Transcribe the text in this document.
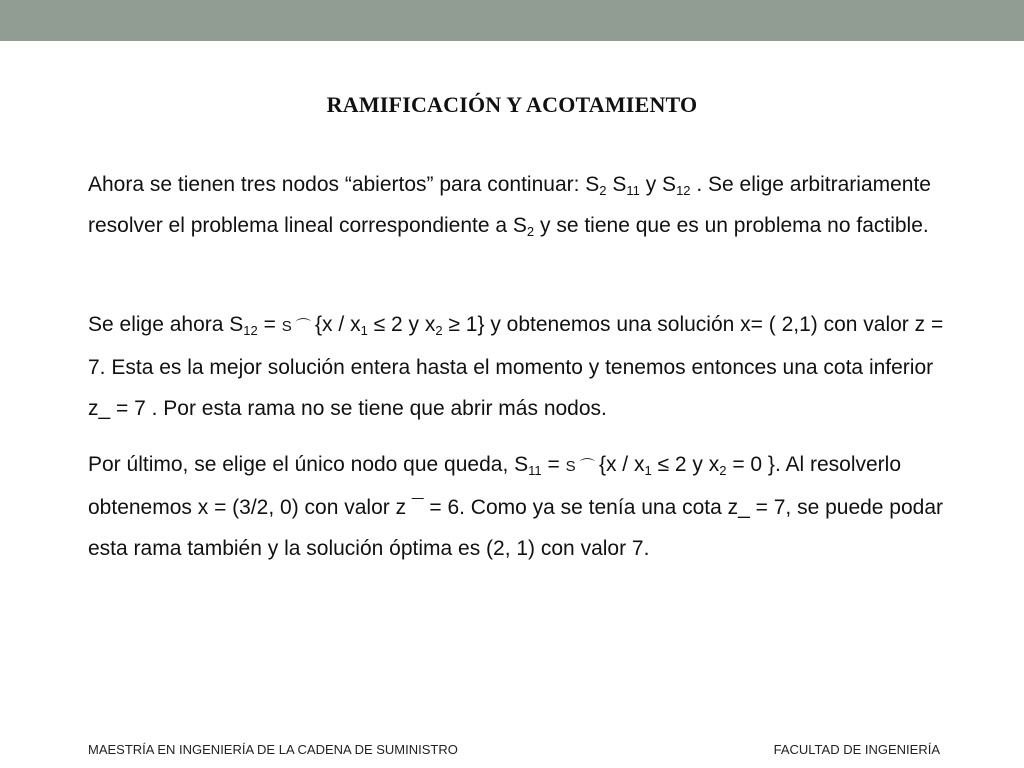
RAMIFICACIÓN Y ACOTAMIENTO
Ahora se tienen tres nodos “abiertos” para continuar: $S_2$ $S_{11}$ y $S_{12}$ . Se elige arbitrariamente resolver el problema lineal correspondiente a $S_2$ y se tiene que es un problema no factible.
Se elige ahora $S_{12} = S$ ⌒ {$x / x_1 \le 2$ y $x_2 \ge 1$} y obtenemos una solución x= ( 2,1) con valor z = 7. Esta es la mejor solución entera hasta el momento y tenemos entonces una cota inferior z_ = 7 . Por esta rama no se tiene que abrir más nodos.
Por último, se elige el único nodo que queda, $S_{11} = S$ ⌒ {$x / x_1 \le 2$ y $x_2 = 0$ }. Al resolverlo obtenemos x = (3/2, 0) con valor z ¯ = 6. Como ya se tenía una cota z_ = 7, se puede podar esta rama también y la solución óptima es (2, 1) con valor 7.
MAESTRÍA EN INGENIERÍA DE LA CADENA DE SUMINISTRO	FACULTAD DE INGENIERÍA
